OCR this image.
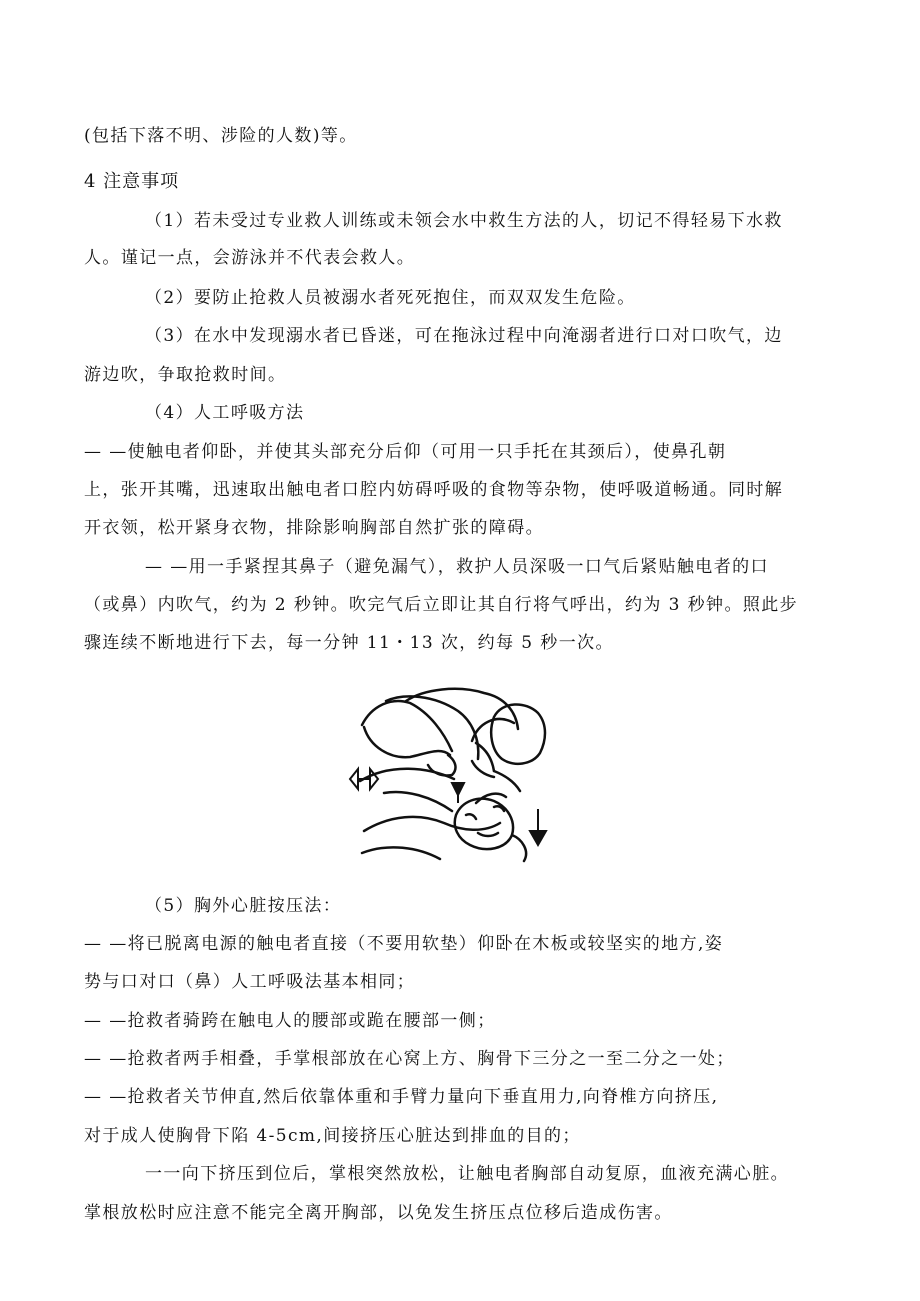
(包括下落不明、涉险的人数)等。
4 注意事项
（1）若未受过专业救人训练或未领会水中救生方法的人，切记不得轻易下水救
人。谨记一点，会游泳并不代表会救人。
（2）要防止抢救人员被溺水者死死抱住，而双双发生危险。
（3）在水中发现溺水者已昏迷，可在拖泳过程中向淹溺者进行口对口吹气，边
游边吹，争取抢救时间。
（4）人工呼吸方法
— —使触电者仰卧，并使其头部充分后仰（可用一只手托在其颈后），使鼻孔朝
上，张开其嘴，迅速取出触电者口腔内妨碍呼吸的食物等杂物，使呼吸道畅通。同时解
开衣领，松开紧身衣物，排除影响胸部自然扩张的障碍。
— —用一手紧捏其鼻子（避免漏气），救护人员深吸一口气后紧贴触电者的口
（或鼻）内吹气，约为 2 秒钟。吹完气后立即让其自行将气呼出，约为 3 秒钟。照此步
骤连续不断地进行下去，每一分钟 11・13 次，约每 5 秒一次。
（5）胸外心脏按压法：
— —将已脱离电源的触电者直接（不要用软垫）仰卧在木板或较坚实的地方,姿
势与口对口（鼻）人工呼吸法基本相同；
— —抢救者骑跨在触电人的腰部或跪在腰部一侧；
— —抢救者两手相叠，手掌根部放在心窝上方、胸骨下三分之一至二分之一处；
— —抢救者关节伸直,然后依靠体重和手臂力量向下垂直用力,向脊椎方向挤压,
对于成人使胸骨下陷 4-5cm,间接挤压心脏达到排血的目的；
一一向下挤压到位后，掌根突然放松，让触电者胸部自动复原，血液充满心脏。
掌根放松时应注意不能完全离开胸部，以免发生挤压点位移后造成伤害。
